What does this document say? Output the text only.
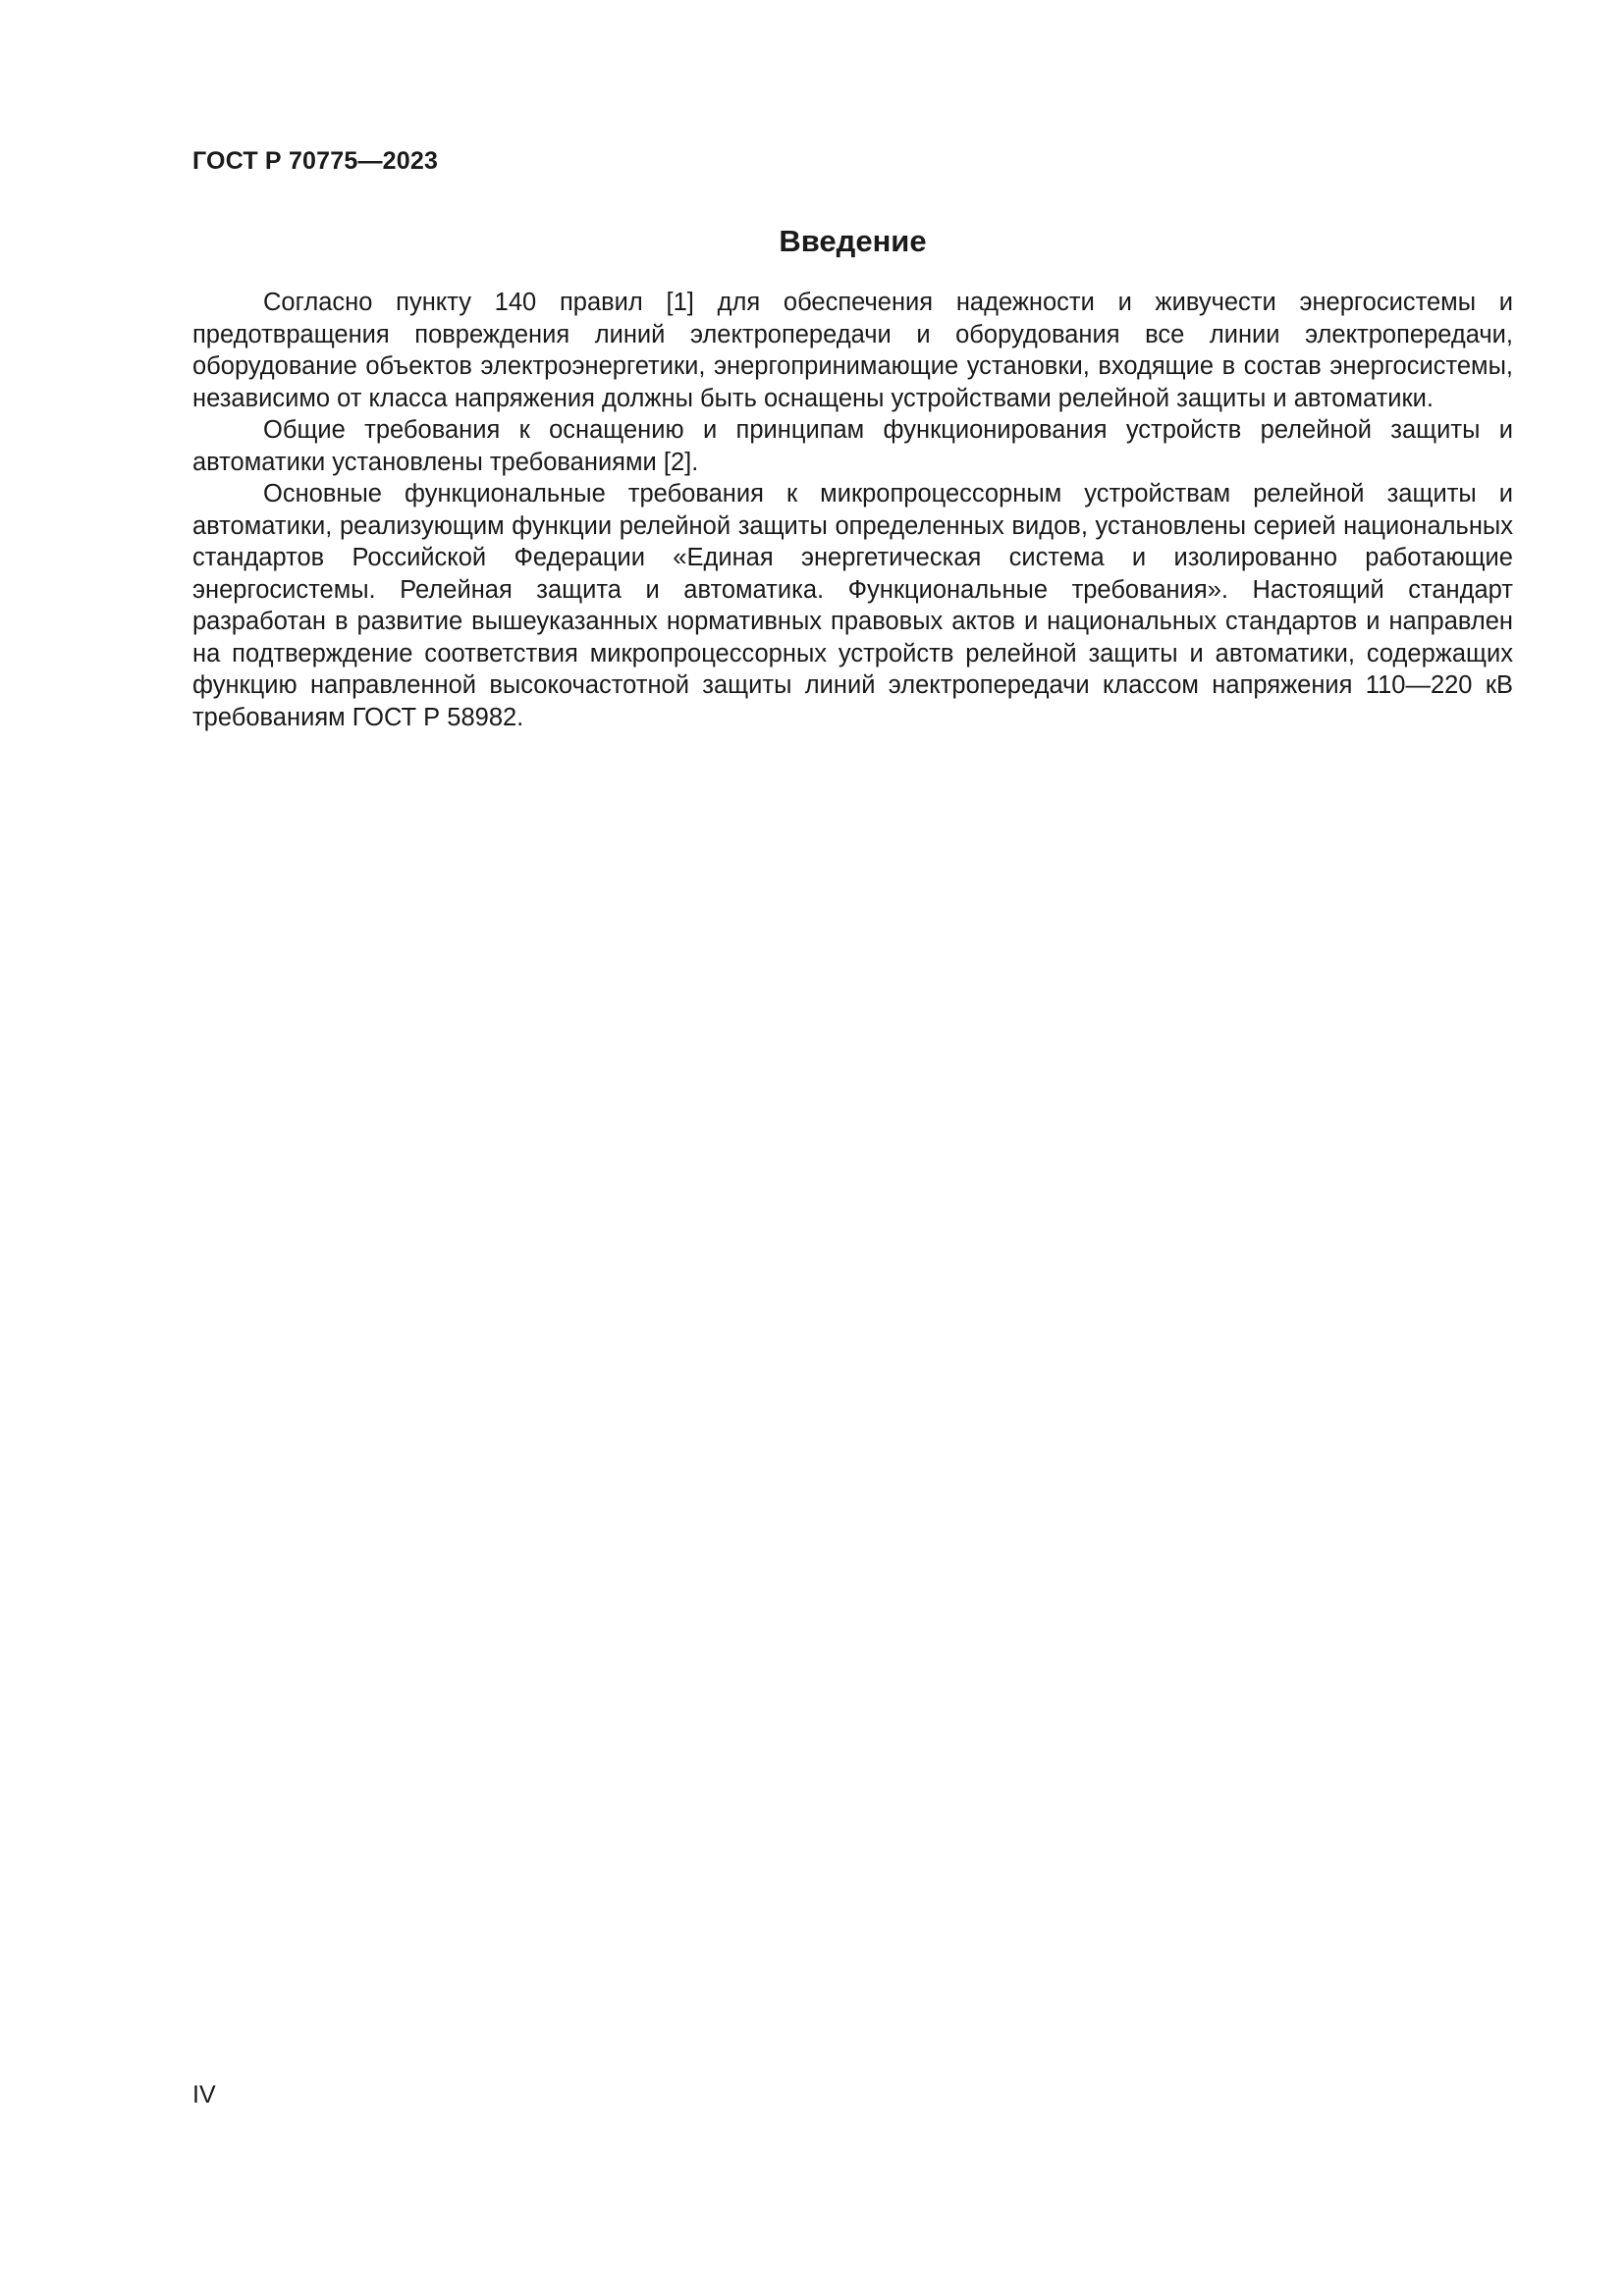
ГОСТ Р 70775—2023

Введение

Согласно пункту 140 правил [1] для обеспечения надежности и живучести энергосистемы и предотвращения повреждения линий электропередачи и оборудования все линии электропередачи, оборудование объектов электроэнергетики, энергопринимающие установки, входящие в состав энергосистемы, независимо от класса напряжения должны быть оснащены устройствами релейной защиты и автоматики.

Общие требования к оснащению и принципам функционирования устройств релейной защиты и автоматики установлены требованиями [2].

Основные функциональные требования к микропроцессорным устройствам релейной защиты и автоматики, реализующим функции релейной защиты определенных видов, установлены серией национальных стандартов Российской Федерации «Единая энергетическая система и изолированно работающие энергосистемы. Релейная защита и автоматика. Функциональные требования». Настоящий стандарт разработан в развитие вышеуказанных нормативных правовых актов и национальных стандартов и направлен на подтверждение соответствия микропроцессорных устройств релейной защиты и автоматики, содержащих функцию направленной высокочастотной защиты линий электропередачи классом напряжения 110—220 кВ требованиям ГОСТ Р 58982.

IV
